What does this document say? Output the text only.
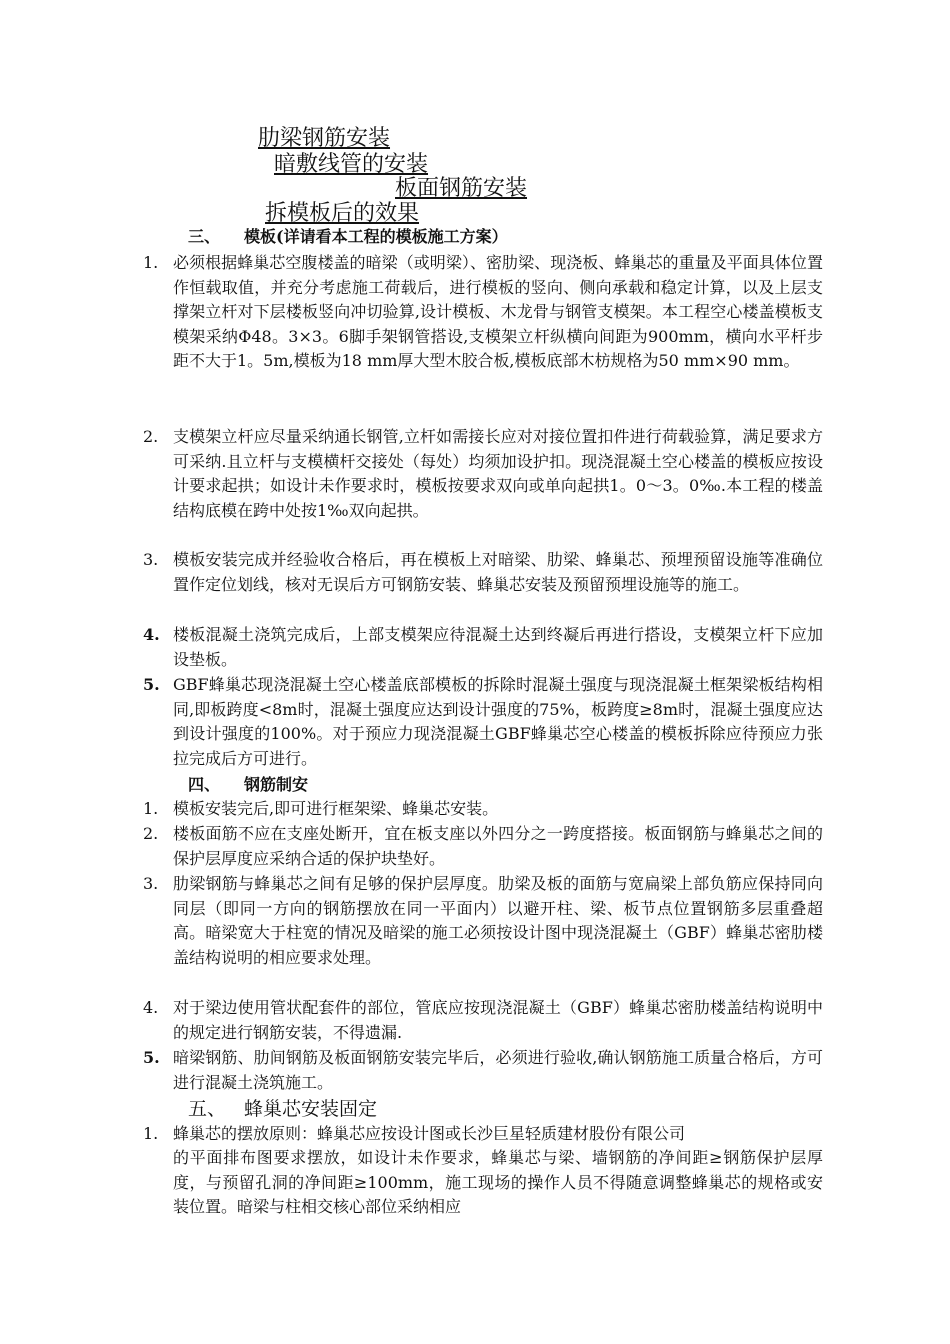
肋梁钢筋安装
暗敷线管的安装
板面钢筋安装
拆模板后的效果
三、 模板(详请看本工程的模板施工方案）
1. 必须根据蜂巢芯空腹楼盖的暗梁（或明梁）、密肋梁、现浇板、蜂巢芯的重量及平面具体位置作恒载取值，并充分考虑施工荷载后，进行模板的竖向、侧向承载和稳定计算，以及上层支撑架立杆对下层楼板竖向冲切验算,设计模板、木龙骨与钢管支模架。本工程空心楼盖模板支模架采纳Φ48。3×3。6脚手架钢管搭设,支模架立杆纵横向间距为900mm，横向水平杆步距不大于1。5m,模板为18 mm厚大型木胶合板,模板底部木枋规格为50 mm×90 mm。
2. 支模架立杆应尽量采纳通长钢管,立杆如需接长应对对接位置扣件进行荷载验算，满足要求方可采纳.且立杆与支模横杆交接处（每处）均须加设护扣。现浇混凝土空心楼盖的模板应按设计要求起拱；如设计未作要求时，模板按要求双向或单向起拱1。0～3。0‰.本工程的楼盖结构底模在跨中处按1‰双向起拱。
3. 模板安装完成并经验收合格后，再在模板上对暗梁、肋梁、蜂巢芯、预埋预留设施等准确位置作定位划线，核对无误后方可钢筋安装、蜂巢芯安装及预留预埋设施等的施工。
4. 楼板混凝土浇筑完成后，上部支模架应待混凝土达到终凝后再进行搭设，支模架立杆下应加设垫板。
5. GBF蜂巢芯现浇混凝土空心楼盖底部模板的拆除时混凝土强度与现浇混凝土框架梁板结构相同,即板跨度<8m时，混凝土强度应达到设计强度的75%，板跨度≥8m时，混凝土强度应达到设计强度的100%。对于预应力现浇混凝土GBF蜂巢芯空心楼盖的模板拆除应待预应力张拉完成后方可进行。
四、 钢筋制安
1. 模板安装完后,即可进行框架梁、蜂巢芯安装。
2. 楼板面筋不应在支座处断开，宜在板支座以外四分之一跨度搭接。板面钢筋与蜂巢芯之间的保护层厚度应采纳合适的保护块垫好。
3. 肋梁钢筋与蜂巢芯之间有足够的保护层厚度。肋梁及板的面筋与宽扁梁上部负筋应保持同向同层（即同一方向的钢筋摆放在同一平面内）以避开柱、梁、板节点位置钢筋多层重叠超高。暗梁宽大于柱宽的情况及暗梁的施工必须按设计图中现浇混凝土（GBF）蜂巢芯密肋楼盖结构说明的相应要求处理。
4. 对于梁边使用管状配套件的部位，管底应按现浇混凝土（GBF）蜂巢芯密肋楼盖结构说明中的规定进行钢筋安装，不得遗漏.
5. 暗梁钢筋、肋间钢筋及板面钢筋安装完毕后，必须进行验收,确认钢筋施工质量合格后，方可进行混凝土浇筑施工。
五、 蜂巢芯安装固定
1. 蜂巢芯的摆放原则：蜂巢芯应按设计图或长沙巨星轻质建材股份有限公司
的平面排布图要求摆放，如设计未作要求，蜂巢芯与梁、墙钢筋的净间距≥钢筋保护层厚度，与预留孔洞的净间距≥100mm，施工现场的操作人员不得随意调整蜂巢芯的规格或安装位置。暗梁与柱相交核心部位采纳相应
